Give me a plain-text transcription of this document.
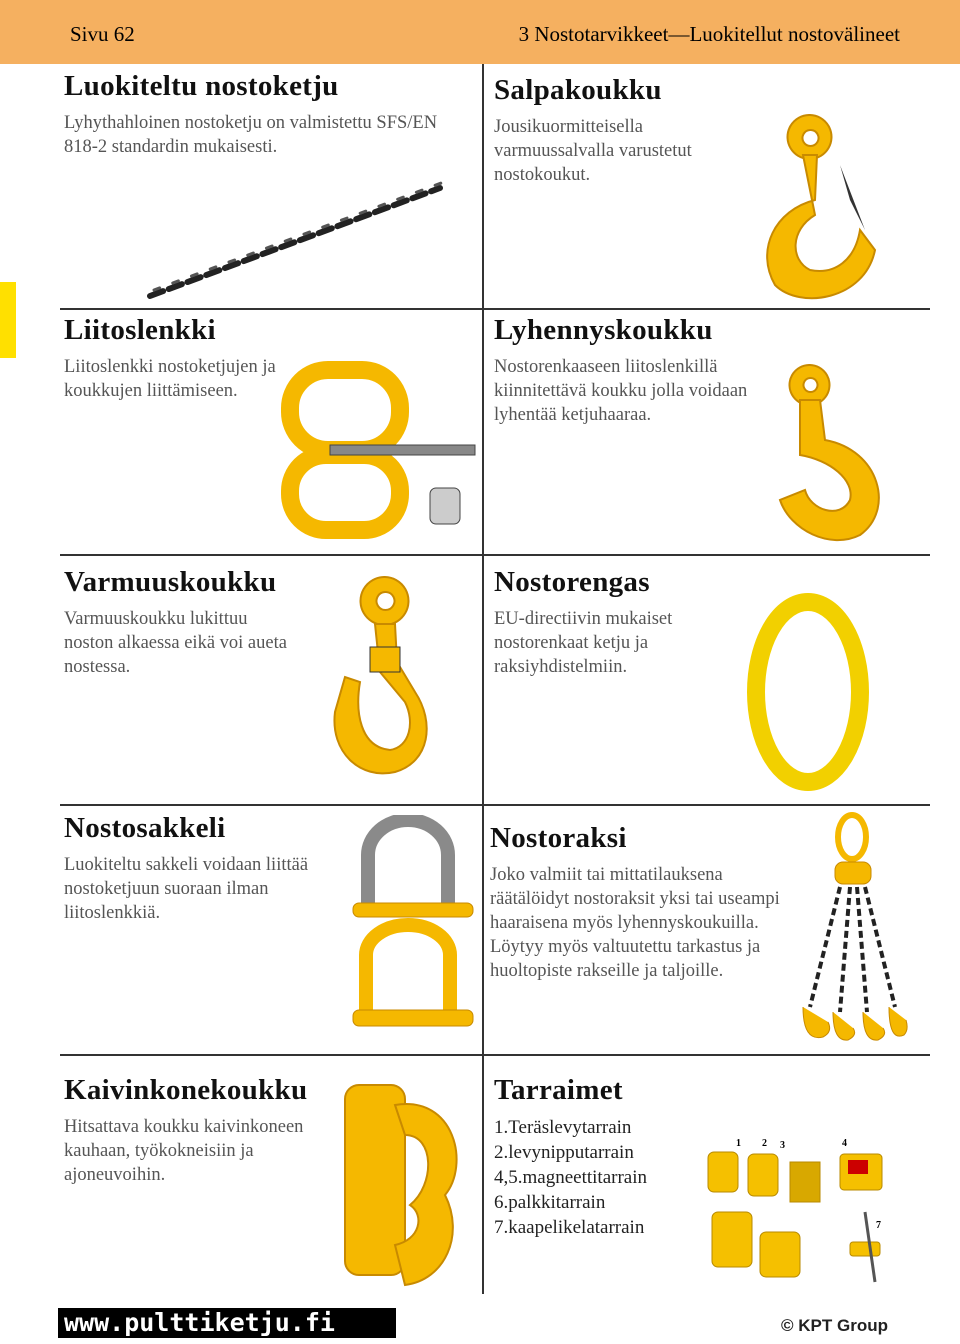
Sivu 62	3 Nostotarvikkeet—Luokitellut nostovälineet
Luokiteltu nostoketju
Lyhythahloinen nostoketju on valmistettu SFS/EN 818-2 standardin mukaisesti.
Salpakoukku
Jousikuormitteisella varmuussalvalla varustetut nostokoukut.
Liitoslenkki
Liitoslenkki nostoketjujen ja koukkujen liittämiseen.
Lyhennyskoukku
Nostorenkaaseen liitoslenkillä kiinnitettävä koukku jolla voidaan lyhentää ketjuhaaraa.
Varmuuskoukku
Varmuuskoukku lukittuu noston alkaessa eikä voi aueta nostessa.
Nostorengas
EU-directiivin mukaiset nostorenkaat ketju ja raksiyhdistelmiin.
Nostosakkeli
Luokiteltu sakkeli voidaan liittää nostoketjuun suoraan ilman liitoslenkkiä.
Nostoraksi
Joko valmiit tai mittatilauksena räätälöidyt nostoraksit yksi tai useampi haaraisena myös lyhennyskoukuilla. Löytyy myös valtuutettu tarkastus ja huoltopiste rakseille ja taljoille.
Kaivinkonekoukku
Hitsattava koukku kaivinkoneen kauhaan, työkokneisiin ja ajoneuvoihin.
Tarraimet
1.Teräslevytarrain
2.levynipputarrain
4,5.magneettitarrain
6.palkkitarrain
7.kaapelikelatarrain
1 2 3	4
7
www.pulttiketju.fi	© KPT Group
